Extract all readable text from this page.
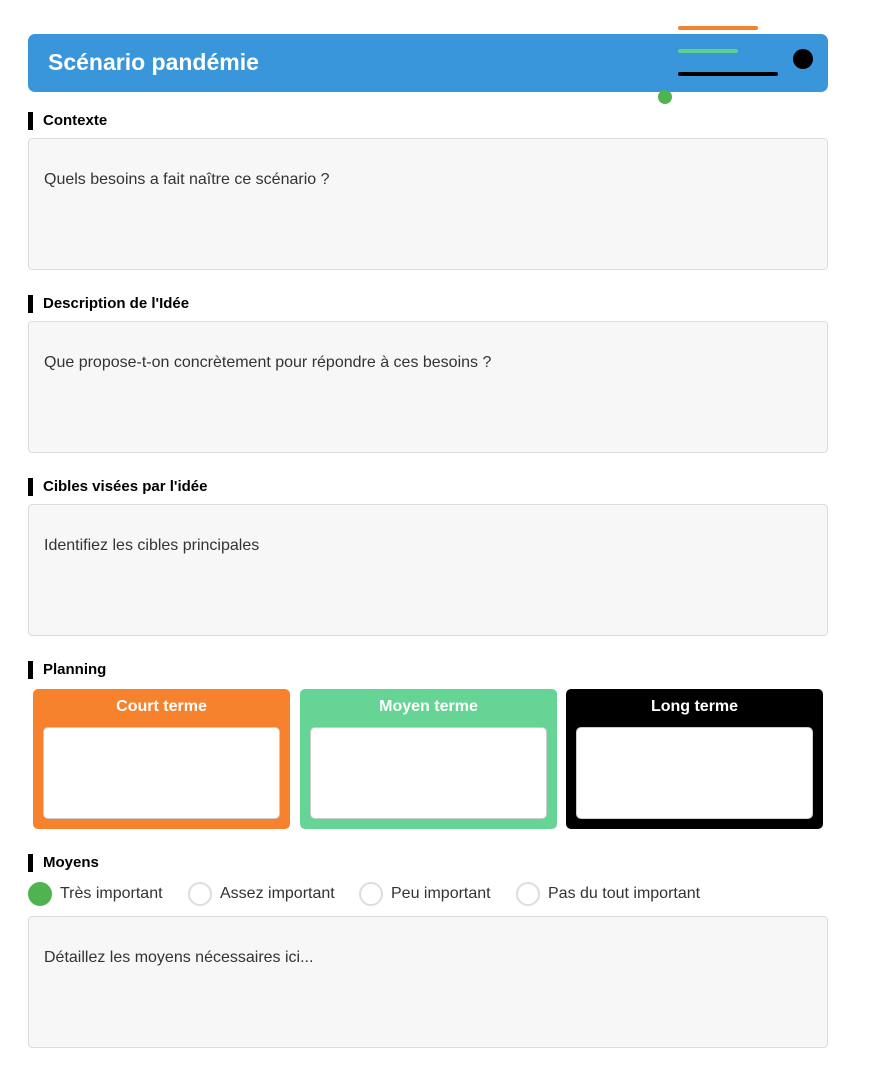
Scénario pandémie
Contexte
Quels besoins a fait naître ce scénario ?
Description de l'Idée
Que propose-t-on concrètement pour répondre à ces besoins ?
Cibles visées par l'idée
Identifiez les cibles principales
Planning
Court terme	Moyen terme	Long terme
Moyens
Très important	Assez important	Peu important	Pas du tout important
Détaillez les moyens nécessaires ici...
